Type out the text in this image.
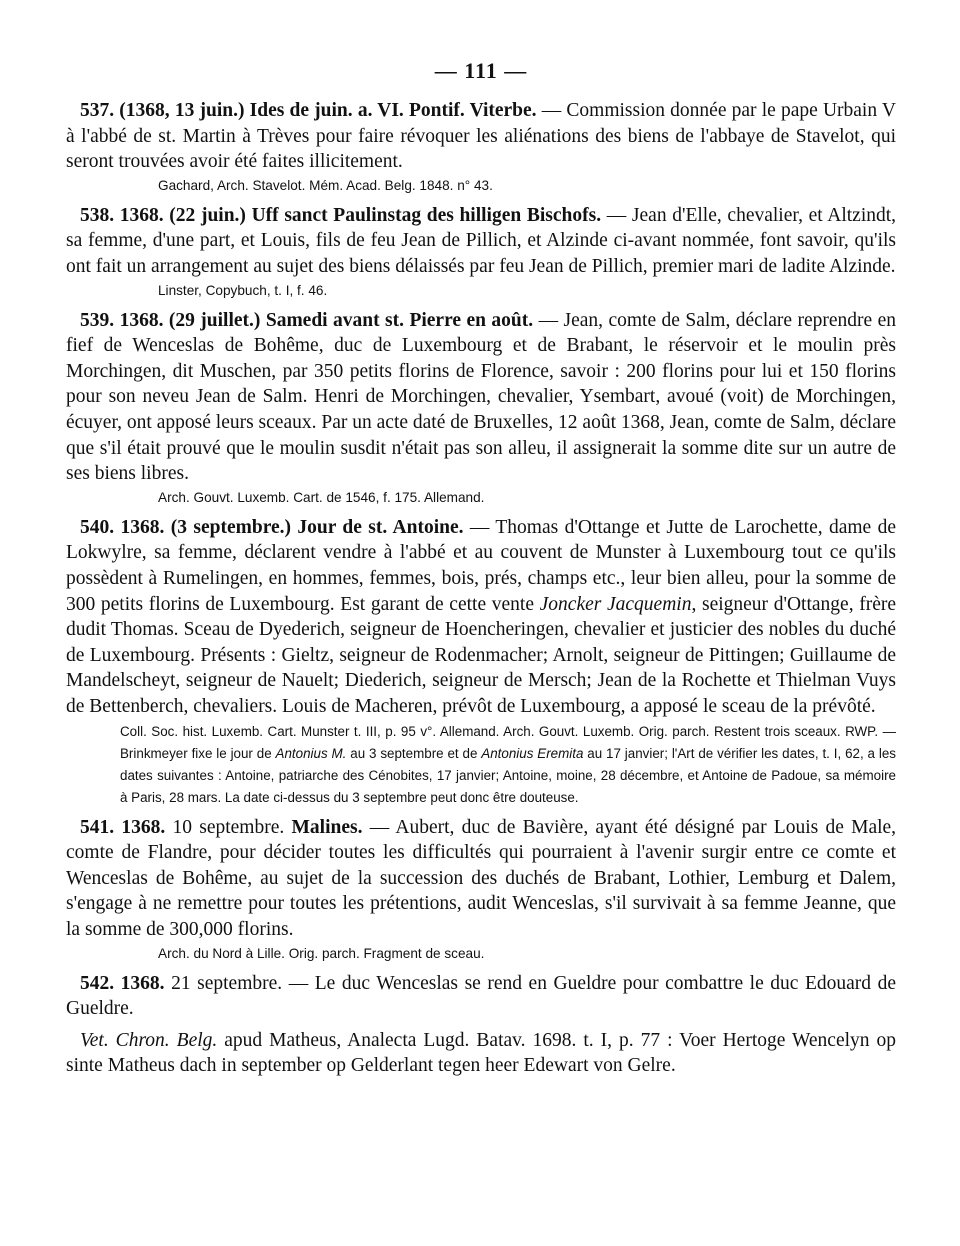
— 111 —

537. (1368, 13 juin.) Ides de juin. a. VI. Pontif. Viterbe. — Commission donnée par le pape Urbain V à l'abbé de st. Martin à Trèves pour faire révoquer les aliénations des biens de l'abbaye de Stavelot, qui seront trouvées avoir été faites illicitement.

Gachard, Arch. Stavelot. Mém. Acad. Belg. 1848. n° 43.

538. 1368. (22 juin.) Uff sanct Paulinstag des hilligen Bischofs. — Jean d'Elle, chevalier, et Altzindt, sa femme, d'une part, et Louis, fils de feu Jean de Pillich, et Alzinde ci-avant nommée, font savoir, qu'ils ont fait un arrangement au sujet des biens délaissés par feu Jean de Pillich, premier mari de ladite Alzinde.

Linster, Copybuch, t. I, f. 46.

539. 1368. (29 juillet.) Samedi avant st. Pierre en août. — Jean, comte de Salm, déclare reprendre en fief de Wenceslas de Bohême, duc de Luxembourg et de Brabant, le réservoir et le moulin près Morchingen, dit Muschen, par 350 petits florins de Florence, savoir : 200 florins pour lui et 150 florins pour son neveu Jean de Salm. Henri de Morchingen, chevalier, Ysembart, avoué (voit) de Morchingen, écuyer, ont apposé leurs sceaux. Par un acte daté de Bruxelles, 12 août 1368, Jean, comte de Salm, déclare que s'il était prouvé que le moulin susdit n'était pas son alleu, il assignerait la somme dite sur un autre de ses biens libres.

Arch. Gouvt. Luxemb. Cart. de 1546, f. 175. Allemand.

540. 1368. (3 septembre.) Jour de st. Antoine. — Thomas d'Ottange et Jutte de Larochette, dame de Lokwylre, sa femme, déclarent vendre à l'abbé et au couvent de Munster à Luxembourg tout ce qu'ils possèdent à Rumelingen, en hommes, femmes, bois, prés, champs etc., leur bien alleu, pour la somme de 300 petits florins de Luxembourg. Est garant de cette vente Joncker Jacquemin, seigneur d'Ottange, frère dudit Thomas. Sceau de Dyederich, seigneur de Hoencheringen, chevalier et justicier des nobles du duché de Luxembourg. Présents : Gieltz, seigneur de Rodenmacher; Arnolt, seigneur de Pittingen; Guillaume de Mandelscheyt, seigneur de Nauelt; Diederich, seigneur de Mersch; Jean de la Rochette et Thielman Vuys de Bettenberch, chevaliers. Louis de Macheren, prévôt de Luxembourg, a apposé le sceau de la prévôté.

Coll. Soc. hist. Luxemb. Cart. Munster t. III, p. 95 v°. Allemand. Arch. Gouvt. Luxemb. Orig. parch. Restent trois sceaux. RWP. — Brinkmeyer fixe le jour de Antonius M. au 3 septembre et de Antonius Eremita au 17 janvier; l'Art de vérifier les dates, t. I, 62, a les dates suivantes : Antoine, patriarche des Cénobites, 17 janvier; Antoine, moine, 28 décembre, et Antoine de Padoue, sa mémoire à Paris, 28 mars. La date ci-dessus du 3 septembre peut donc être douteuse.

541. 1368. 10 septembre. Malines. — Aubert, duc de Bavière, ayant été désigné par Louis de Male, comte de Flandre, pour décider toutes les difficultés qui pourraient à l'avenir surgir entre ce comte et Wenceslas de Bohême, au sujet de la succession des duchés de Brabant, Lothier, Lemburg et Dalem, s'engage à ne remettre pour toutes les prétentions, audit Wenceslas, s'il survivait à sa femme Jeanne, que la somme de 300,000 florins.

Arch. du Nord à Lille. Orig. parch. Fragment de sceau.

542. 1368. 21 septembre. — Le duc Wenceslas se rend en Gueldre pour combattre le duc Edouard de Gueldre.

Vet. Chron. Belg. apud Matheus, Analecta Lugd. Batav. 1698. t. I, p. 77 : Voer Hertoge Wencelyn op sinte Matheus dach in september op Gelderlant tegen heer Edewart von Gelre.
